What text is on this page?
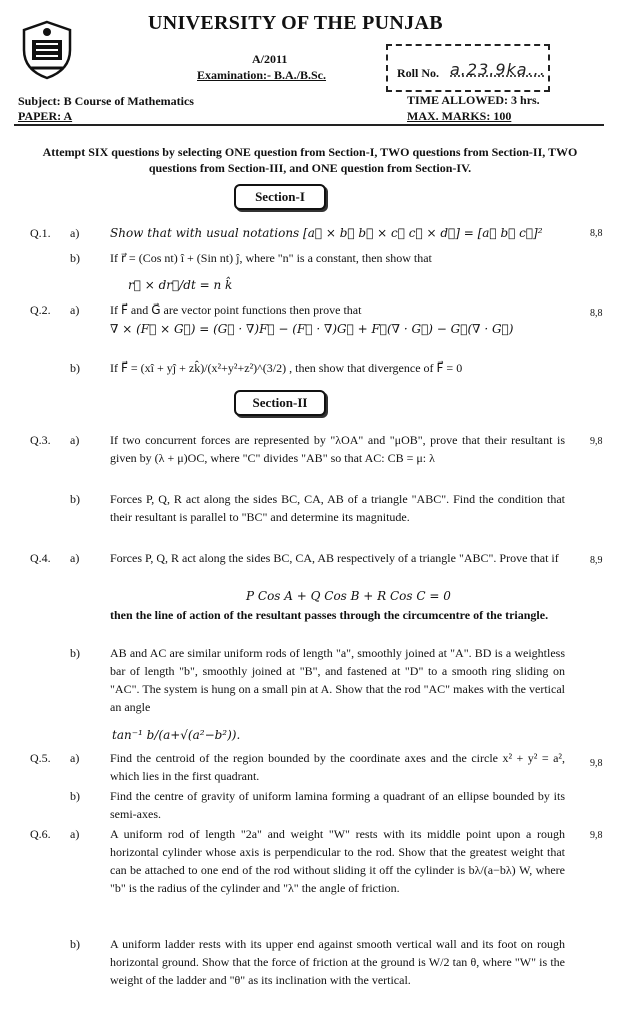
UNIVERSITY OF THE PUNJAB
A/2011
Examination:- B.A./B.Sc.	Roll No. a.23.9ka...
Subject: B Course of Mathematics
PAPER: A
TIME ALLOWED: 3 hrs.
MAX. MARKS: 100
Attempt SIX questions by selecting ONE question from Section-I, TWO questions from Section-II, TWO questions from Section-III, and ONE question from Section-IV.
Section-I
Q.1. a)	Show that with usual notations [a⃗ × b⃗ b⃗ × c⃗ c⃗ × d⃗] = [a⃗ b⃗ c⃗]²	8,8
b)	If r⃗ = (Cos nt) î + (Sin nt) ĵ, where "n" is a constant, then show that
r⃗ × dr⃗/dt = n k̂
Q.2. a)	If F⃗ and G⃗ are vector point functions then prove that	8,8
∇ × (F⃗ × G⃗) = (G⃗ · ∇)F⃗ − (F⃗ · ∇)G⃗ + F⃗(∇ · G⃗) − G⃗(∇ · G⃗)
b)	If F⃗ = (xî + yĵ + zk̂)/(x²+y²+z²)^(3/2) , then show that divergence of F⃗ = 0
Section-II
Q.3. a)	If two concurrent forces are represented by "λOA" and "μOB", prove that their resultant is given by (λ + μ)OC, where "C" divides "AB" so that AC: CB = μ: λ
9,8
b)	Forces P, Q, R act along the sides BC, CA, AB of a triangle "ABC". Find the condition that their resultant is parallel to "BC" and determine its magnitude.
Q.4. a)	Forces P, Q, R act along the sides BC, CA, AB respectively of a triangle "ABC". Prove that if	8,9
P Cos A + Q Cos B + R Cos C = 0
then the line of action of the resultant passes through the circumcentre of the triangle.
b)	AB and AC are similar uniform rods of length "a", smoothly joined at "A". BD is a weightless bar of length "b", smoothly joined at "B", and fastened at "D" to a smooth ring sliding on "AC". The system is hung on a small pin at A. Show that the rod "AC" makes with the vertical an angle
tan⁻¹ b/(a+√(a²−b²)).
Q.5. a)	Find the centroid of the region bounded by the coordinate axes and the circle x² + y² = a², which lies in the first quadrant.
9,8
b)	Find the centre of gravity of uniform lamina forming a quadrant of an ellipse bounded by its semi-axes.
Q.6. a)	A uniform rod of length "2a" and weight "W" rests with its middle point upon a rough horizontal cylinder whose axis is perpendicular to the rod. Show that the greatest weight that can be attached to one end of the rod without sliding it off the cylinder is bλ/(a−bλ) W, where "b" is the radius of the cylinder and "λ" the angle of friction.
9,8
b)	A uniform ladder rests with its upper end against smooth vertical wall and its foot on rough horizontal ground. Show that the force of friction at the ground is W/2 tan θ, where "W" is the weight of the ladder and "θ" as its inclination with the vertical.
